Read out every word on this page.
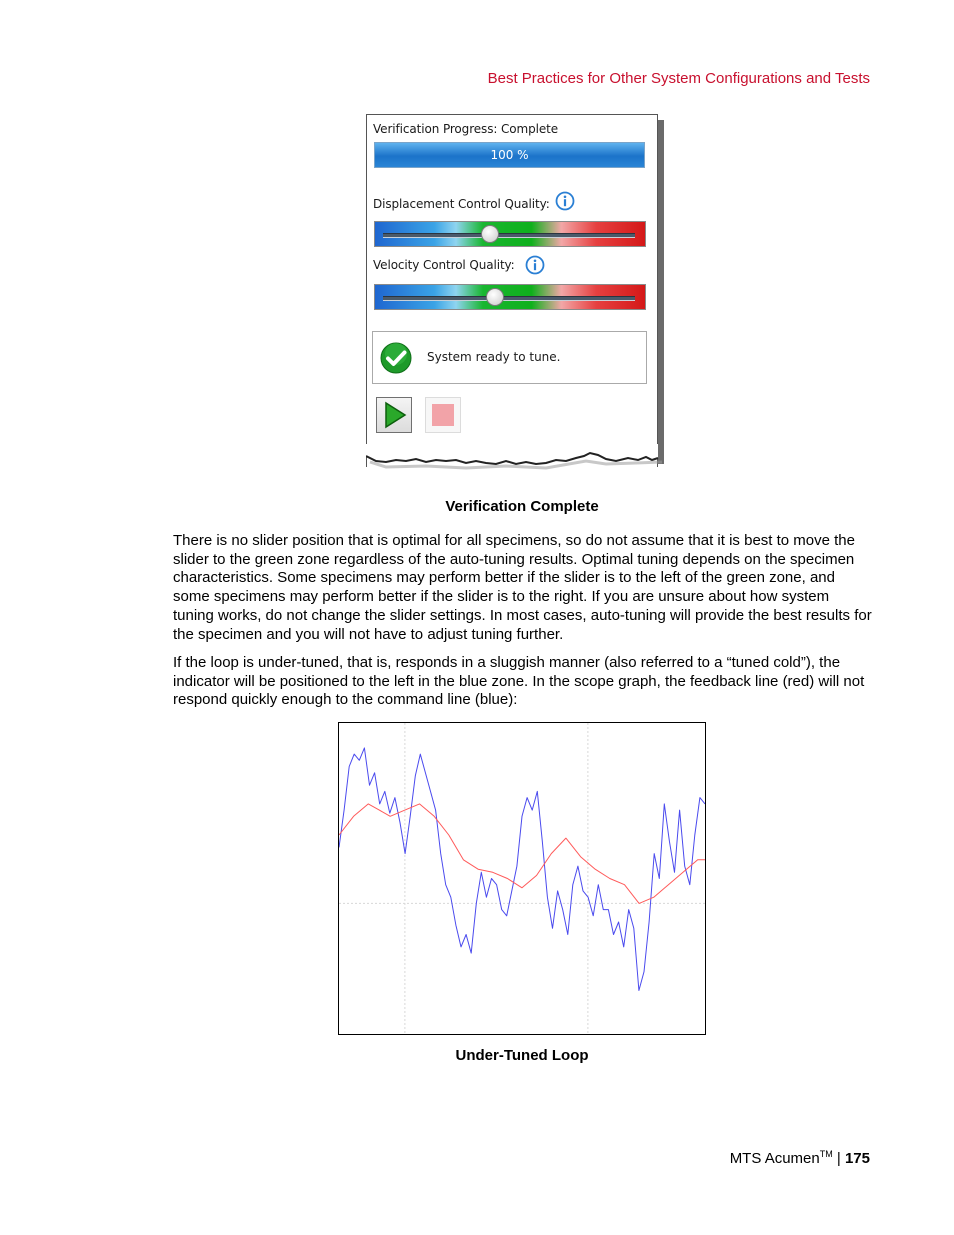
Best Practices for Other System Configurations and Tests
Verification Progress: Complete
100 %
Displacement Control Quality:
Velocity Control Quality:
System ready to tune.
Verification Complete

There is no slider position that is optimal for all specimens, so do not assume that it is best to move the slider to the green zone regardless of the auto-tuning results. Optimal tuning depends on the specimen characteristics. Some specimens may perform better if the slider is to the left of the green zone, and some specimens may perform better if the slider is to the right. If you are unsure about how system tuning works, do not change the slider settings. In most cases, auto-tuning will provide the best results for the specimen and you will not have to adjust tuning further.

If the loop is under-tuned, that is, responds in a sluggish manner (also referred to a “tuned cold”), the indicator will be positioned to the left in the blue zone. In the scope graph, the feedback line (red) will not respond quickly enough to the command line (blue):

Under-Tuned Loop
MTS Acumen™ | 175
